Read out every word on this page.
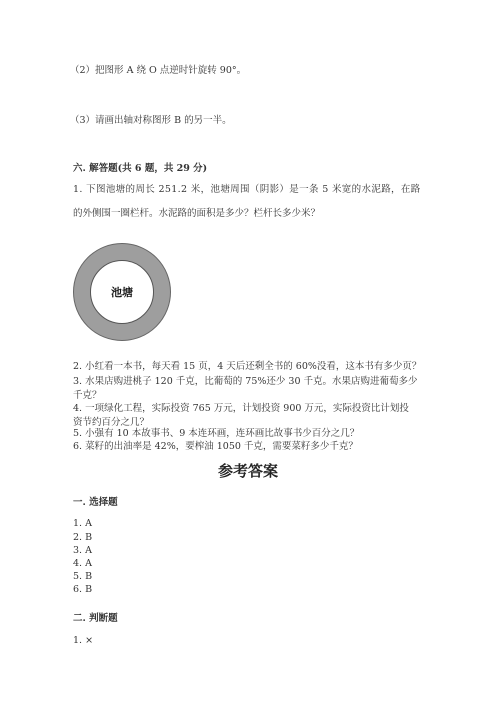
（2）把图形 A 绕 O 点逆时针旋转 90°。
（3）请画出轴对称图形 B 的另一半。
六. 解答题(共 6 题，共 29 分)
1. 下图池塘的周长 251.2 米，池塘周围（阴影）是一条 5 米宽的水泥路，在路
的外侧围一圈栏杆。水泥路的面积是多少？栏杆长多少米？
池塘
2. 小红看一本书，每天看 15 页，4 天后还剩全书的 60%没看，这本书有多少页？
3. 水果店购进桃子 120 千克，比葡萄的 75%还少 30 千克。水果店购进葡萄多少
千克？
4. 一项绿化工程，实际投资 765 万元，计划投资 900 万元，实际投资比计划投
资节约百分之几？
5. 小强有 10 本故事书、9 本连环画，连环画比故事书少百分之几？
6. 菜籽的出油率是 42%，要榨油 1050 千克，需要菜籽多少千克？
参考答案
一. 选择题
1. A
2. B
3. A
4. A
5. B
6. B
二. 判断题
1. ×
